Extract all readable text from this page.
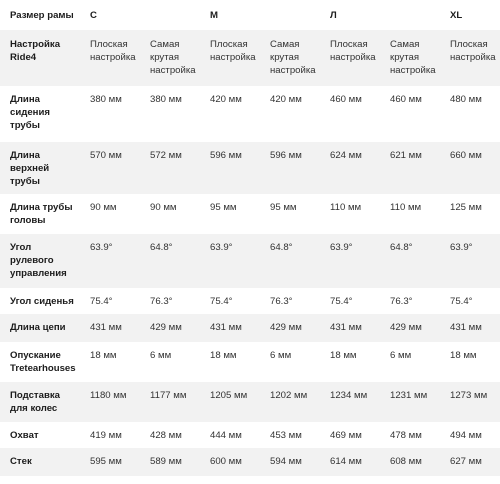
Размер рамы	С		М		Л		XL
Настройка Ride4	Плоская настройка	Самая крутая настройка	Плоская настройка	Самая крутая настройка	Плоская настройка	Самая крутая настройка	Плоская настройка
Длина сидения трубы	380 мм	380 мм	420 мм	420 мм	460 мм	460 мм	480 мм
Длина верхней трубы	570 мм	572 мм	596 мм	596 мм	624 мм	621 мм	660 мм
Длина трубы головы	90 мм	90 мм	95 мм	95 мм	110 мм	110 мм	125 мм
Угол рулевого управления	63.9°	64.8°	63.9°	64.8°	63.9°	64.8°	63.9°
Угол сиденья	75.4°	76.3°	75.4°	76.3°	75.4°	76.3°	75.4°
Длина цепи	431 мм	429 мм	431 мм	429 мм	431 мм	429 мм	431 мм
Опускание Tretearhouses	18 мм	6 мм	18 мм	6 мм	18 мм	6 мм	18 мм
Подставка для колес	1180 мм	1177 мм	1205 мм	1202 мм	1234 мм	1231 мм	1273 мм
Охват	419 мм	428 мм	444 мм	453 мм	469 мм	478 мм	494 мм
Стек	595 мм	589 мм	600 мм	594 мм	614 мм	608 мм	627 мм
